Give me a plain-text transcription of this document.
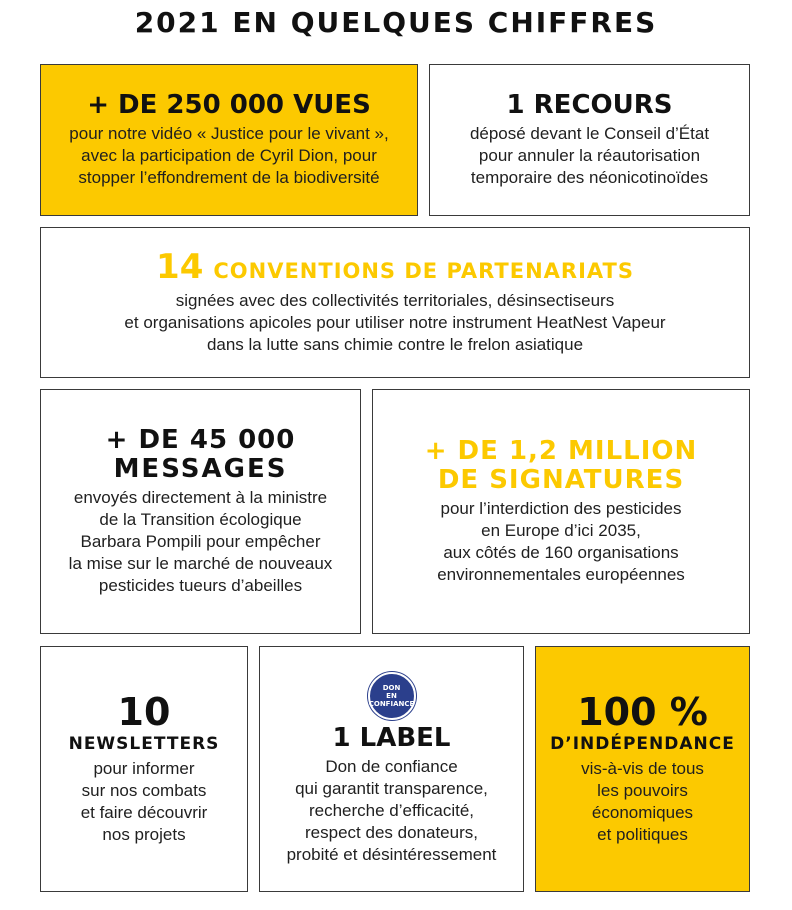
2021 EN QUELQUES CHIFFRES
+ DE 250 000 VUES
pour notre vidéo « Justice pour le vivant »,
avec la participation de Cyril Dion, pour
stopper l’effondrement de la biodiversité
1 RECOURS
déposé devant le Conseil d’État
pour annuler la réautorisation
temporaire des néonicotinoïdes
14 CONVENTIONS DE PARTENARIATS
signées avec des collectivités territoriales, désinsectiseurs
et organisations apicoles pour utiliser notre instrument HeatNest Vapeur
dans la lutte sans chimie contre le frelon asiatique
+ DE 45 000
MESSAGES
envoyés directement à la ministre
de la Transition écologique
Barbara Pompili pour empêcher
la mise sur le marché de nouveaux
pesticides tueurs d’abeilles
+ DE 1,2 MILLION
DE SIGNATURES
pour l’interdiction des pesticides
en Europe d’ici 2035,
aux côtés de 160 organisations
environnementales européennes
10
NEWSLETTERS
pour informer
sur nos combats
et faire découvrir
nos projets
DON
EN
CONFIANCE
1 LABEL
Don de confiance
qui garantit transparence,
recherche d’efficacité,
respect des donateurs,
probité et désintéressement
100 %
D’INDÉPENDANCE
vis-à-vis de tous
les pouvoirs
économiques
et politiques
